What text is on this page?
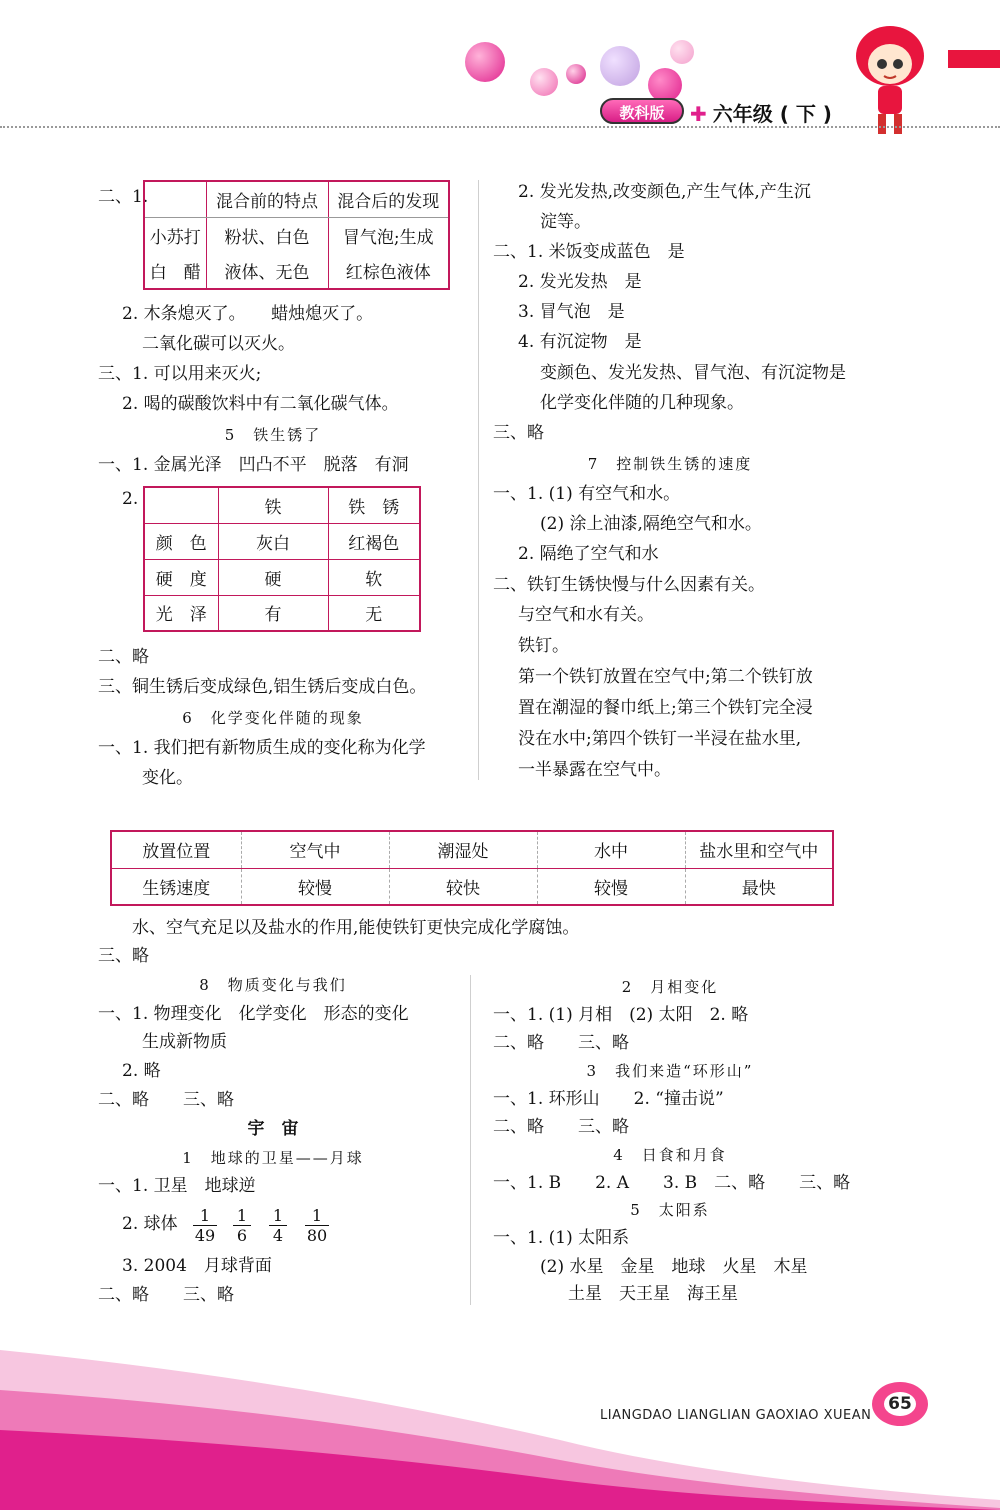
教科版	✚ 六年级 ( 下 )
二、1.
		混合前的特点	混合后的发现
小苏打	粉状、白色	冒气泡;生成
白　醋	液体、无色	红棕色液体
2. 木条熄灭了。　　蜡烛熄灭了。
二氧化碳可以灭火。
三、1. 可以用来灭火;
2. 喝的碳酸饮料中有二氧化碳气体。
5　铁生锈了
一、1. 金属光泽　凹凸不平　脱落　有洞
2.
		铁	铁　锈
颜　色	灰白	红褐色
硬　度	硬	软
光　泽	有	无
二、略
三、铜生锈后变成绿色,铝生锈后变成白色。
6　化学变化伴随的现象
一、1. 我们把有新物质生成的变化称为化学
变化。
2. 发光发热,改变颜色,产生气体,产生沉
淀等。
二、1. 米饭变成蓝色　是
2. 发光发热　是
3. 冒气泡　是
4. 有沉淀物　是
变颜色、发光发热、冒气泡、有沉淀物是
化学变化伴随的几种现象。
三、略
7　控制铁生锈的速度
一、1. (1) 有空气和水。
(2) 涂上油漆,隔绝空气和水。
2. 隔绝了空气和水
二、铁钉生锈快慢与什么因素有关。
与空气和水有关。
铁钉。
第一个铁钉放置在空气中;第二个铁钉放
置在潮湿的餐巾纸上;第三个铁钉完全浸
没在水中;第四个铁钉一半浸在盐水里,
一半暴露在空气中。
放置位置	空气中	潮湿处	水中	盐水里和空气中
生锈速度	较慢	较快	较慢	最快
水、空气充足以及盐水的作用,能使铁钉更快完成化学腐蚀。
三、略
8　物质变化与我们
一、1. 物理变化　化学变化　形态的变化
生成新物质
2. 略
二、略　　三、略
宇　宙
1　地球的卫星——月球
一、1. 卫星　地球逆
2. 球体 $\frac{1}{49} \frac{1}{6} \frac{1}{4} \frac{1}{80}$
3. 2004　月球背面
二、略　　三、略
2　月相变化
一、1. (1) 月相　(2) 太阳　2. 略
二、略　　三、略
3　我们来造“环形山”
一、1. 环形山　　2. “撞击说”
二、略　　三、略
4　日食和月食
一、1. B　　2. A　　3. B　二、略　　三、略
5　太阳系
一、1. (1) 太阳系
(2) 水星　金星　地球　火星　木星
土星　天王星　海王星
LIANGDAO LIANGLIAN GAOXIAO XUEAN
65
